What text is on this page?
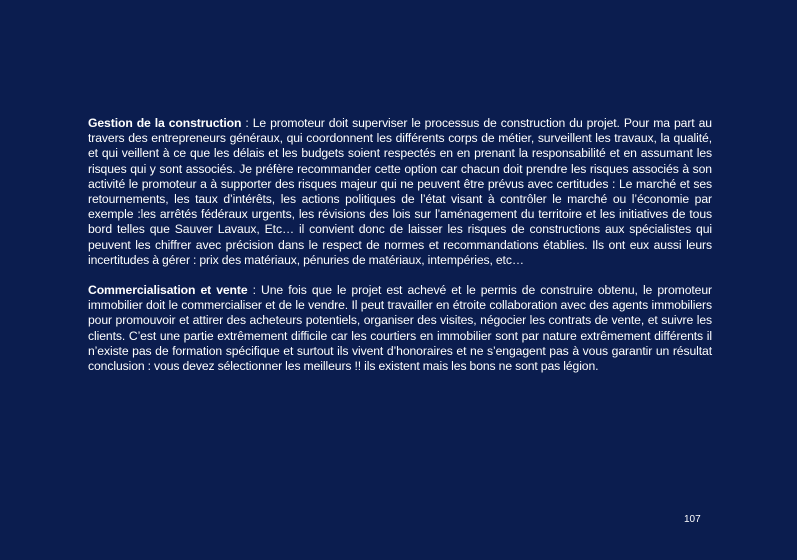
Gestion de la construction : Le promoteur doit superviser le processus de construction du projet. Pour ma part au travers des entrepreneurs généraux, qui coordonnent les différents corps de métier, surveillent les travaux, la qualité, et qui veillent à ce que les délais et les budgets soient respectés en en prenant la responsabilité et en assumant les risques qui y sont associés. Je préfère recommander cette option car chacun doit prendre les risques associés à son activité le promoteur a à supporter des risques majeur qui ne peuvent être prévus avec certitudes : Le marché et ses retournements, les taux d’intérêts, les actions politiques de l’état visant à contrôler le marché ou l’économie par exemple :les arrêtés fédéraux urgents, les révisions des lois sur l’aménagement du territoire et les initiatives de tous bord telles que Sauver Lavaux, Etc… il convient donc de laisser les risques de constructions aux spécialistes qui peuvent les chiffrer avec précision dans le respect de normes et recommandations établies. Ils ont eux aussi leurs incertitudes à gérer : prix des matériaux, pénuries de matériaux, intempéries, etc…

Commercialisation et vente : Une fois que le projet est achevé et le permis de construire obtenu, le promoteur immobilier doit le commercialiser et de le vendre. Il peut travailler en étroite collaboration avec des agents immobiliers pour promouvoir et attirer des acheteurs potentiels, organiser des visites, négocier les contrats de vente, et suivre les clients. C’est une partie extrêmement difficile car les courtiers en immobilier sont par nature extrêmement différents il n’existe pas de formation spécifique et surtout ils vivent d’honoraires et ne s’engagent pas à vous garantir un résultat conclusion : vous devez sélectionner les meilleurs !! ils existent mais les bons ne sont pas légion.

107
